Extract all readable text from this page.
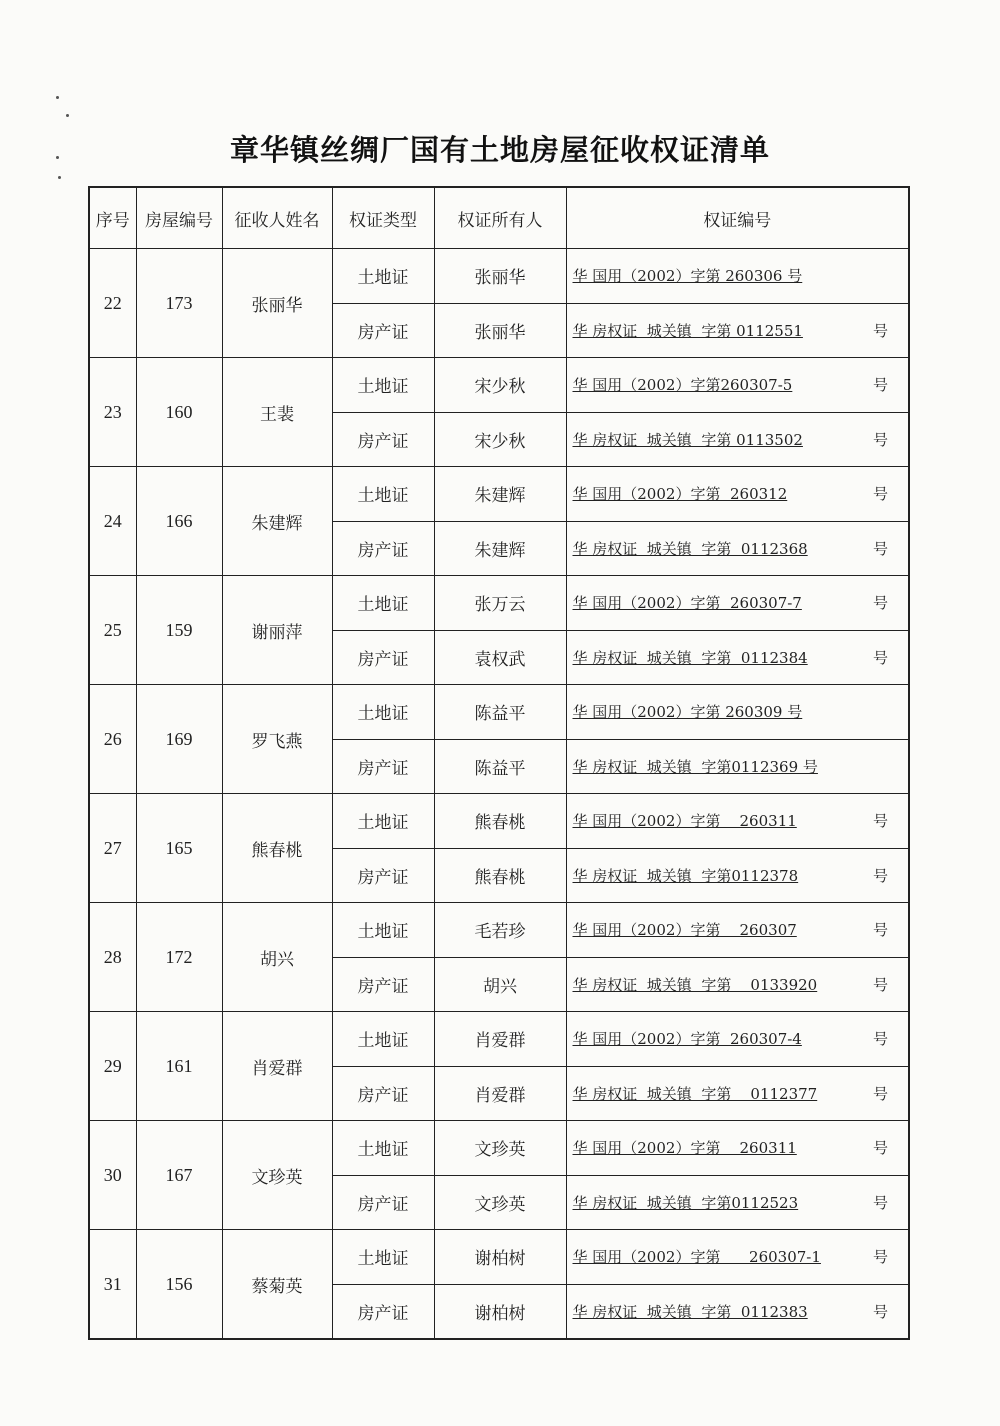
章华镇丝绸厂国有土地房屋征收权证清单
序号	房屋编号	征收人姓名	权证类型	权证所有人	权证编号
22	173	张丽华	土地证	张丽华	华 国用（2002）字第 260306 号
			房产证	张丽华	华 房权证  城关镇  字第 0112551 号

23	160	王裴	土地证	宋少秋	华 国用（2002）字第260307-5 号

			房产证	宋少秋	华 房权证  城关镇  字第 0113502 号

24	166	朱建辉	土地证	朱建辉	华 国用（2002）字第  260312 号

			房产证	朱建辉	华 房权证  城关镇  字第  0112368 号

25	159	谢丽萍	土地证	张万云	华 国用（2002）字第  260307-7 号

			房产证	袁权武	华 房权证  城关镇  字第  0112384 号

26	169	罗飞燕	土地证	陈益平	华 国用（2002）字第 260309 号
			房产证	陈益平	华 房权证  城关镇  字第0112369 号
27	165	熊春桃	土地证	熊春桃	华 国用（2002）字第    260311 号

			房产证	熊春桃	华 房权证  城关镇  字第0112378 号

28	172	胡兴	土地证	毛若珍	华 国用（2002）字第    260307 号

			房产证	胡兴	华 房权证  城关镇  字第    0133920 号

29	161	肖爱群	土地证	肖爱群	华 国用（2002）字第  260307-4 号

			房产证	肖爱群	华 房权证  城关镇  字第    0112377 号

30	167	文珍英	土地证	文珍英	华 国用（2002）字第    260311 号

			房产证	文珍英	华 房权证  城关镇  字第0112523 号

31	156	蔡菊英	土地证	谢柏树	华 国用（2002）字第      260307-1 号

			房产证	谢柏树	华 房权证  城关镇  字第  0112383 号
